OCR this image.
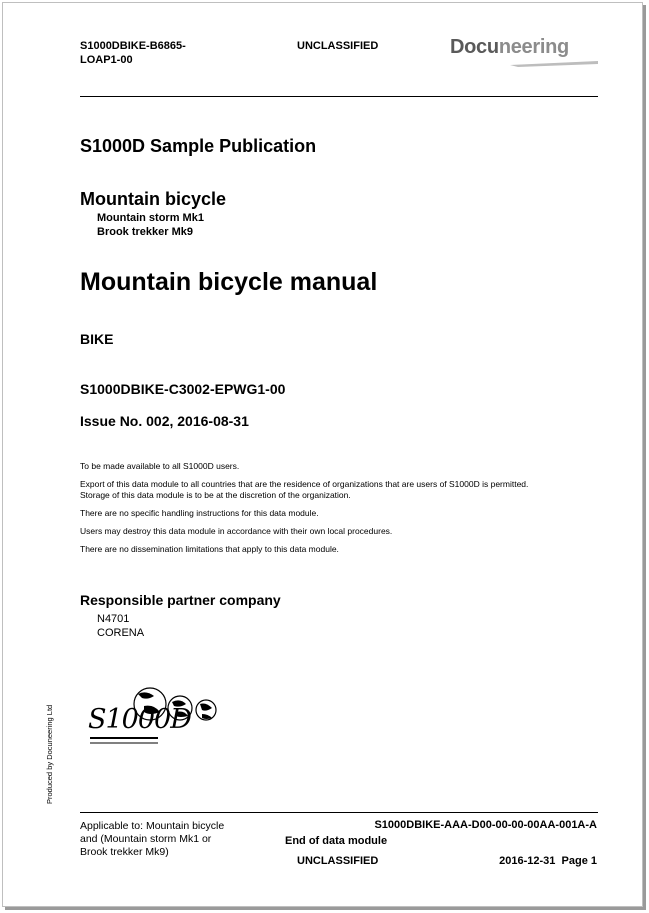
S1000DBIKE-B6865-
LOAP1-00
UNCLASSIFIED	Docuneering
S1000D Sample Publication
Mountain bicycle
Mountain storm Mk1
Brook trekker Mk9
Mountain bicycle manual
BIKE
S1000DBIKE-C3002-EPWG1-00
Issue No. 002, 2016-08-31
To be made available to all S1000D users.
Export of this data module to all countries that are the residence of organizations that are users of S1000D is permitted.
Storage of this data module is to be at the discretion of the organization.
There are no specific handling instructions for this data module.
Users may destroy this data module in accordance with their own local procedures.
There are no dissemination limitations that apply to this data module.
Responsible partner company
N4701
CORENA
Produced by Docuneering Ltd S1000D
Applicable to: Mountain bicycle
and (Mountain storm Mk1 or
Brook trekker Mk9)
S1000DBIKE-AAA-D00-00-00-00AA-001A-A
End of data module
UNCLASSIFIED	2016-12-31  Page 1
